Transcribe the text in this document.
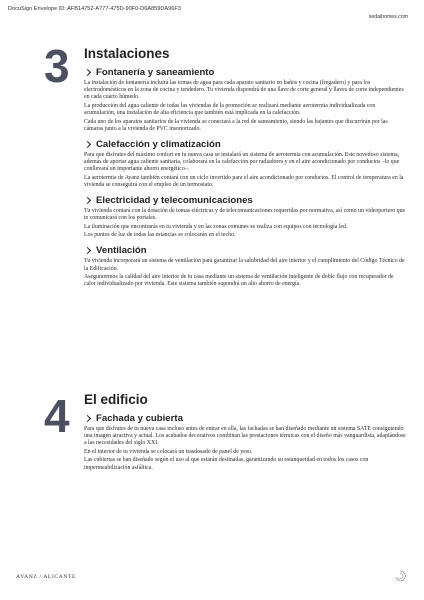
DocuSign Envelope ID: AFB14752-A777-475D-90F0-D6A859DA96F3
sedaihomes.com
3 Instalaciones
Fontanería y saneamiento

La instalación de fontanería incluirá las tomas de agua para cada aparato sanitario en baños y cocina (fregadero) y para los electrodomésticos en la zona de cocina y tendedero. Tu vivienda dispondrá de una llave de corte general y llaves de corte independientes en cada cuarto húmedo.

La producción del agua caliente de todas las viviendas de la promoción se realizará mediante aerotermia individualizada con acumulación, una instalación de alta eficiencia que también está implicada en la calefacción.

Cada uno de los aparatos sanitarios de la vivienda se conectará a la red de saneamiento, siendo las bajantes que discurrirán por las cámaras junto a la vivienda de PVC insonorizado.

Calefacción y climatización

Para que disfrutes del máximo confort en tu nueva casa se instalará un sistema de aerotermia con acumulación. Este novedoso sistema, además de aportar agua caliente sanitaria, colaborará en la calefacción por radiadores y en el aire acondicionado por conductos –lo que conllevará un importante ahorro energético–.

La aerotermia de Ayanz también contará con un ciclo invertido para el aire acondicionado por conductos. El control de temperatura en la vivienda se conseguirá con el empleo de un termostato.

Electricidad y telecomunicaciones

Tu vivienda contará con la dotación de tomas eléctricas y de telecomunicaciones requeridas por normativa, así como un videoportero que te comunicará con los portales.

La iluminación que encontrarás en tu vivienda y en las zonas comunes se realiza con equipos con tecnología led.

Los puntos de luz de todas las estancias se colocarán en el techo.

Ventilación

Tu vivienda incorporará un sistema de ventilación para garantizar la salubridad del aire interior y el cumplimiento del Código Técnico de la Edificación.

Aseguraremos la calidad del aire interior de tu casa mediante un sistema de ventilación inteligente de doble flujo con recuperador de calor individualizado por vivienda. Este sistema también supondrá un alto ahorro de energía.

4 El edificio
Fachada y cubierta

Para que disfrutes de tu nueva casa incluso antes de entrar en ella, las fachadas se han diseñado mediante un sistema SATE consiguiendo una imagen atractiva y actual. Los acabados decorativos combinan las prestaciones térmicas con el diseño más vanguardista, adaptándose a las necesidades del siglo XXI.

En el interior de tu vivienda se colocará un trasdosado de panel de yeso.

Las cubiertas se han diseñado según el uso al que estarán destinadas, garantizando su estanqueidad en todos los casos con impermeabilización asfáltica.

AYANZ / ALICANTE
